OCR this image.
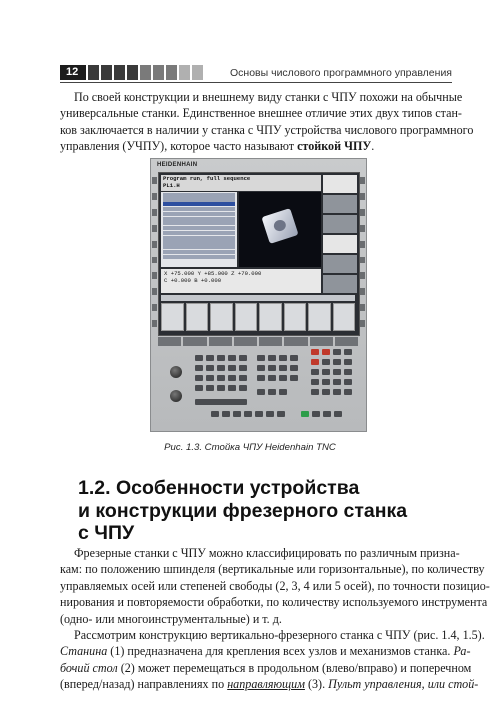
12	Основы числового программного управления

По своей конструкции и внешнему виду станки с ЧПУ похожи на обычные
универсальные станки. Единственное внешнее отличие этих двух типов стан-
ков заключается в наличии у станка с ЧПУ устройства числового программного
управления (УЧПУ), которое часто называют стойкой ЧПУ.

HEIDENHAIN
Program run, full sequence
PL1.H
X +75.000 Y +85.000 Z +70.000
C +0.000 B +0.000
Рис. 1.3. Стойка ЧПУ Heidenhain TNC
1.2. Особенности устройства
и конструкции фрезерного станка
с ЧПУ

Фрезерные станки с ЧПУ можно классифицировать по различным призна-
кам: по положению шпинделя (вертикальные или горизонтальные), по количеству
управляемых осей или степеней свободы (2, 3, 4 или 5 осей), по точности позицио-
нирования и повторяемости обработки, по количеству используемого инструмента
(одно- или многоинструментальные) и т. д.

Рассмотрим конструкцию вертикально-фрезерного станка с ЧПУ (рис. 1.4, 1.5).
Станина (1) предназначена для крепления всех узлов и механизмов станка. Ра-
бочий стол (2) может перемещаться в продольном (влево/вправо) и поперечном
(вперед/назад) направлениях по направляющим (3). Пульт управления, или стой-
